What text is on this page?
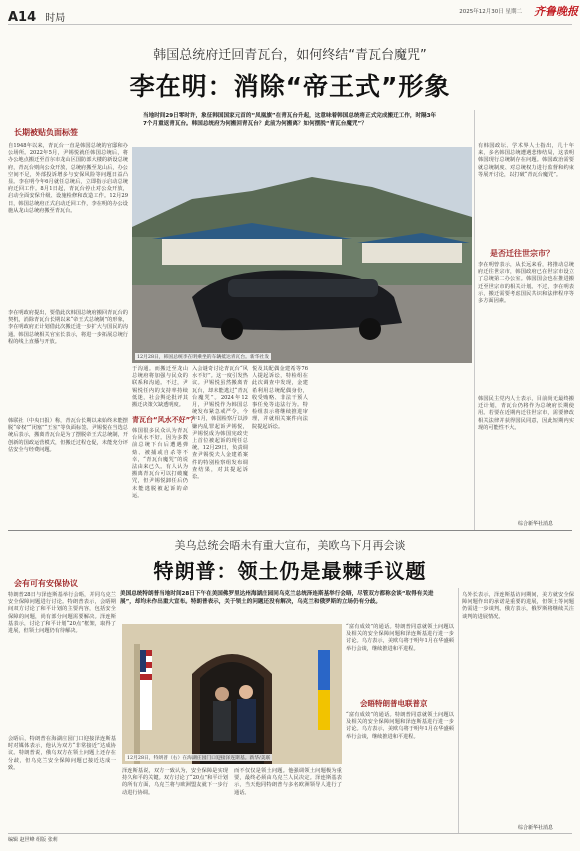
A14 时局
2025年12月30日 星期二 齐鲁晚报
韩国总统府迁回青瓦台，如何终结“青瓦台魔咒”
李在明：消除“帝王式”形象

当地时间29日零时许，象征韩国国家元首的“凤凰旗”在青瓦台升起，这意味着韩国总统将正式完成搬迁工作，时隔3年7个月重返青瓦台。韩国总统府为何搬回青瓦台？此前为何搬离？如何摆脱“青瓦台魔咒”？

长期被贴负面标签

自1948年以来，青瓦台一直是韩国总统的官邸和办公场所。2022年5月，尹锡悦就任韩国总统后，将办公地点搬迁至首尔市龙山区国防部大楼的新设总统府，青瓦台则向公众开放，总统府搬至龙山后，办公空间不足，外部投诉增多与安保风险等问题日益凸显。李在明今年6月就任总统后，立即指示启动总统府迁回工作。8月1日起，青瓦台停止对公众开放，启动全面安保升级、设施检修和改造工作。12月29日，韩国总统府正式启动迁回工作，李在明的办公设施从龙山总统府搬至青瓦台。

李在明政府提出，要借此次韩国总统府搬回青瓦台的契机，消除青瓦台长期以来“帝王式总统制”的形象，李在明政府正计划借此次搬迁进一步扩大与国民的沟通。韩国总统相关官室长表示，将进一步拓展总统行程的线上直播与开放。

韩联社（中央日报）称，青瓦台长期以来始终未能摆脱“帝权”“闭塞”“王室”等负面标签。尹锡悦在当选总统后表示，搬离青瓦台是为了摆脱帝王式总统制，开创新的国政运营模式，但搬迁过程仓促，未能充分评估安全与经费问题。

12月28日，韩国总统李在明乘坐的车辆抵达青瓦台。新华社发

于沟通。而搬迁至龙山总统府将加强与民众的联系和沟通。不过，尹锡悦任内的支持率持续低迷，社会舆论批评其搬迁决策欠缺透明度。

青瓦台“风水不好”？

韩国很多民众认为青瓦台风水不好。因为多数前总统下台后遭遇弹劾、被捕或自杀等不幸，“青瓦台魔咒”的说法由来已久。有人认为搬离青瓦台可以打破魔咒，但尹锡悦卸任后仍未能逃脱被起诉的命运。

入会谜奇讨论青瓦台“风水不好”。这一度引发热议。尹锡悦虽然搬离青瓦台，却未能逃过“青瓦台魔咒”。2024年12月，尹锡悦作为韩国总统发布紧急戒严令，今年1月，韩国检察厅以涉嫌内乱罪起诉尹锡悦，尹锡悦成为韩国宪政史上首位被起诉的现任总统。12月29日，负责调查尹锡悦夫人金建希案件的特别检察组发布调查结果，对其提起诉讼。

悦及其配偶金建希等76人提起诉讼，特检组在此次调查中发现，金建希利用总统配偶身份，收受贿赂、非法干预人事任免等违法行为。特检组表示将继续推进审理，并就相关案件向法院提起诉讼。

有韩国政坛、学术界人士指出，几十年来，多名韩国总统遭遇悲惨结局，这表明韩国现行总统制存在问题。韩国政治需要就总统制度、对总统权力进行监督和约束等展开讨论，以打破“青瓦台魔咒”。

是否迁往世宗市？

李在明曾表示，从长远来看，将推动总统府迁往世宗市，韩国政府已在世宗市设立了总统第二办公室。韩国国会也在推进搬迁至世宗市的相关计划。不过，李在明表示，搬迁需要考虑国民共识和法律程序等多方面因素。

韩国民主党内人士表示，目前尚无最终搬迁计划，青瓦台仍将作为总统府长期使用。若要在近期内迁往世宗市，需要修改相关法律并获得国民同意，因此短期内实现的可能性不大。

综合新华社消息
美乌总统会晤未有重大宣布，美欧乌下月再会谈
特朗普：领土仍是最棘手议题

美国总统特朗普当地时间28日下午在美国佛罗里达州海湖庄园同乌克兰总统泽连斯基举行会晤，尽管双方都称会谈“取得有关进展”，却均未作出重大宣布。特朗普表示，关于领土的问题还没有解决，乌克兰和俄罗斯的立场仍有分歧。

会有可有安保协议

特朗普28日与泽连斯基举行会晤，并同乌克兰安全保障问题进行讨论。特朗普表示，会晤期间双方讨论了和平计划的主要内容，包括安全保障的问题，尚有部分问题需要解决。泽连斯基表示，讨论了和平计划“20点”框架，取得了进展，但领土问题仍有待解决。

会晤后，特朗普在海湖庄园门口迎接泽连斯基时对媒体表示，他认为双方“非常接近”达成协议。特朗普说，俄乌双方在领土问题上还存在分歧，但乌克兰安全保障问题已接近达成一致。

12月28日，特朗普（右）在海湖庄园门口迎接泽连斯基。新华/美联

泽连斯基说，双方一致认为，安全保障是实现持久和平的关键。双方讨论了“20点”和平计划的所有方面，乌克兰将与欧洲盟友就下一步行动进行协调。

而不仅仅是领土问题。他强调领土问题极为重要，最终必须由乌克兰人民决定。泽连斯基表示，当天他同特朗普与多名欧洲领导人进行了通话。

“富有成效”的通话。特朗普同意就领土问题以及相关的安全保障问题和泽连斯基进行进一步讨论。乌方表示，美欧乌将于明年1月在华盛顿举行会谈，继续推进和平进程。

会晤特朗普电联普京

“富有成效”的通话。特朗普同意就领土问题以及相关的安全保障问题和泽连斯基进行进一步讨论。乌方表示，美欧乌将于明年1月在华盛顿举行会谈，继续推进和平进程。

乌外长表示，泽连斯基访问期间，美方就安全保障问题作出的承诺是重要的进展，但领土等问题仍需进一步谈判。俄方表示，俄罗斯将继续关注谈判的进展情况。

综合新华社消息
编辑 赵世峰 组版 张莉
